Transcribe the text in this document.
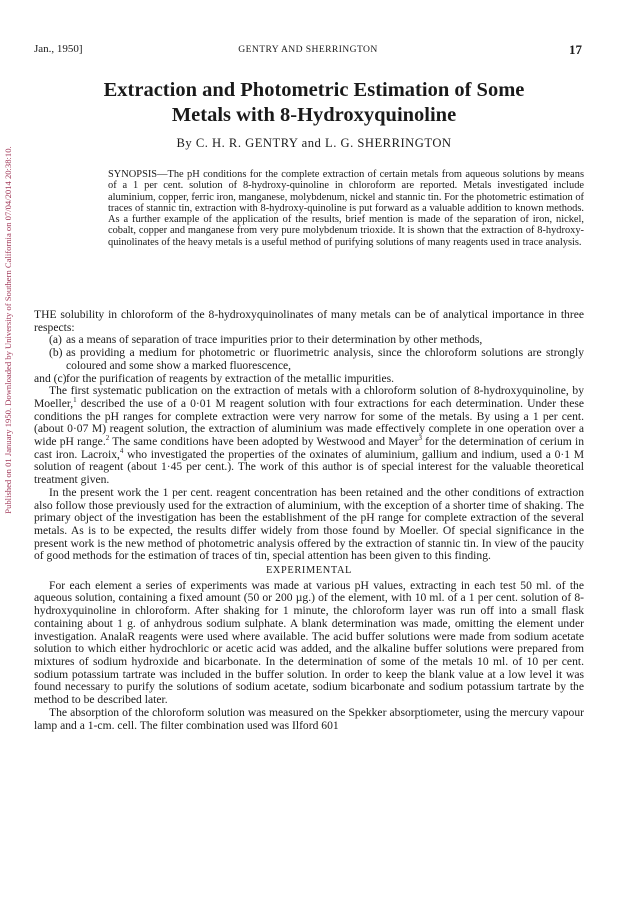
Published on 01 January 1950. Downloaded by University of Southern California on 07/04/2014 20:38:10.
Jan., 1950]	GENTRY AND SHERRINGTON	17
Extraction and Photometric Estimation of Some
Metals with 8-Hydroxyquinoline
By C. H. R. GENTRY and L. G. SHERRINGTON
SYNOPSIS—The pH conditions for the complete extraction of certain metals from aqueous solutions by means of a 1 per cent. solution of 8-hydroxy-quinoline in chloroform are reported. Metals investigated include aluminium, copper, ferric iron, manganese, molybdenum, nickel and stannic tin. For the photometric estimation of traces of stannic tin, extraction with 8-hydroxy-quinoline is put forward as a valuable addition to known methods. As a further example of the application of the results, brief mention is made of the separation of iron, nickel, cobalt, copper and manganese from very pure molybdenum trioxide. It is shown that the extraction of 8-hydroxy-quinolinates of the heavy metals is a useful method of purifying solutions of many reagents used in trace analysis.

THE solubility in chloroform of the 8-hydroxyquinolinates of many metals can be of analytical importance in three respects:

(a) as a means of separation of trace impurities prior to their determination by other methods,
(b) as providing a medium for photometric or fluorimetric analysis, since the chloroform solutions are strongly coloured and some show a marked fluorescence,
and (c) for the purification of reagents by extraction of the metallic impurities.

The first systematic publication on the extraction of metals with a chloroform solution of 8-hydroxyquinoline, by Moeller,$^1$ described the use of a 0·01 M reagent solution with four extractions for each determination. Under these conditions the pH ranges for complete extraction were very narrow for some of the metals. By using a 1 per cent. (about 0·07 M) reagent solution, the extraction of aluminium was made effectively complete in one operation over a wide pH range.$^2$ The same conditions have been adopted by Westwood and Mayer$^3$ for the determination of cerium in cast iron. Lacroix,$^4$ who investigated the properties of the oxinates of aluminium, gallium and indium, used a 0·1 M solution of reagent (about 1·45 per cent.). The work of this author is of special interest for the valuable theoretical treatment given.

In the present work the 1 per cent. reagent concentration has been retained and the other conditions of extraction also follow those previously used for the extraction of aluminium, with the exception of a shorter time of shaking. The primary object of the investigation has been the establishment of the pH range for complete extraction of the several metals. As is to be expected, the results differ widely from those found by Moeller. Of special significance in the present work is the new method of photometric analysis offered by the extraction of stannic tin. In view of the paucity of good methods for the estimation of traces of tin, special attention has been given to this finding.

EXPERIMENTAL

For each element a series of experiments was made at various pH values, extracting in each test 50 ml. of the aqueous solution, containing a fixed amount (50 or 200 µg.) of the element, with 10 ml. of a 1 per cent. solution of 8-hydroxyquinoline in chloroform. After shaking for 1 minute, the chloroform layer was run off into a small flask containing about 1 g. of anhydrous sodium sulphate. A blank determination was made, omitting the element under investigation. AnalaR reagents were used where available. The acid buffer solutions were made from sodium acetate solution to which either hydrochloric or acetic acid was added, and the alkaline buffer solutions were prepared from mixtures of sodium hydroxide and bicarbonate. In the determination of some of the metals 10 ml. of 10 per cent. sodium potassium tartrate was included in the buffer solution. In order to keep the blank value at a low level it was found necessary to purify the solutions of sodium acetate, sodium bicarbonate and sodium potassium tartrate by the method to be described later.

The absorption of the chloroform solution was measured on the Spekker absorptiometer, using the mercury vapour lamp and a 1-cm. cell. The filter combination used was Ilford 601
